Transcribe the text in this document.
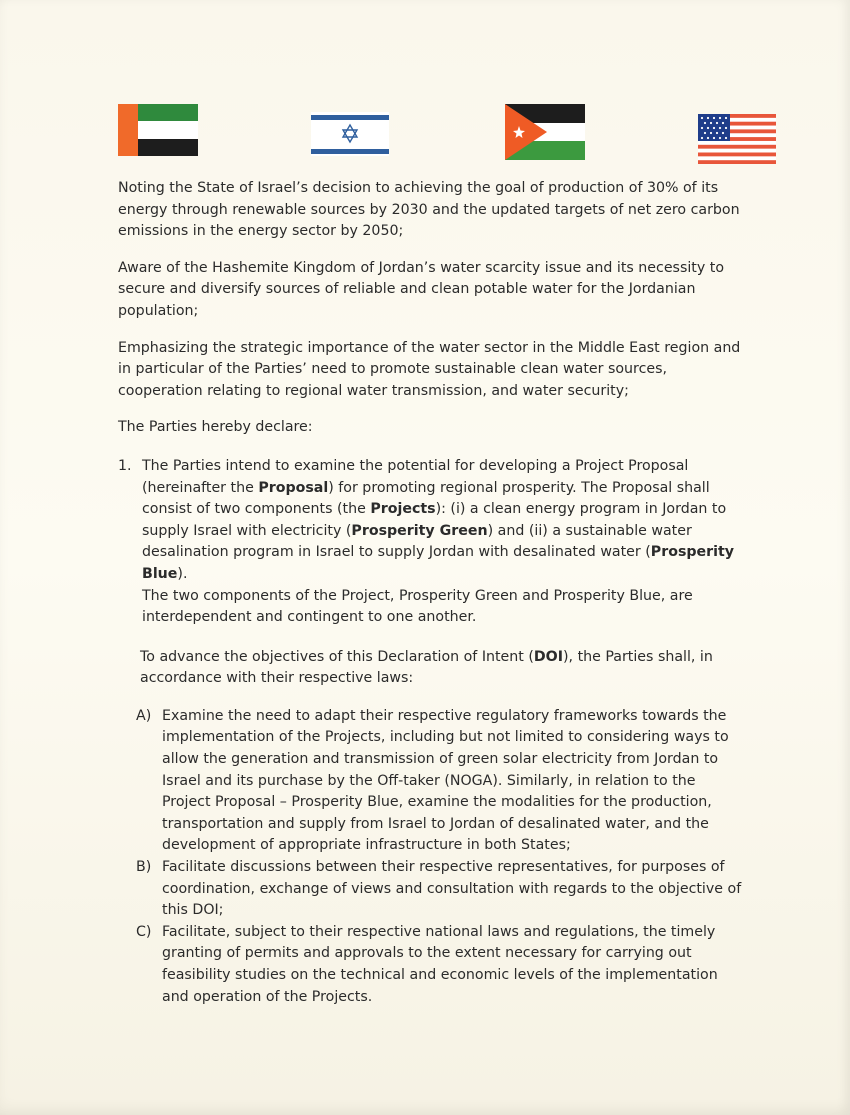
Noting the State of Israel’s decision to achieving the goal of production of 30% of its energy through renewable sources by 2030 and the updated targets of net zero carbon emissions in the energy sector by 2050;

Aware of the Hashemite Kingdom of Jordan’s water scarcity issue and its necessity to secure and diversify sources of reliable and clean potable water for the Jordanian population;

Emphasizing the strategic importance of the water sector in the Middle East region and in particular of the Parties’ need to promote sustainable clean water sources, cooperation relating to regional water transmission, and water security;

The Parties hereby declare:

1. The Parties intend to examine the potential for developing a Project Proposal (hereinafter the Proposal) for promoting regional prosperity. The Proposal shall consist of two components (the Projects): (i) a clean energy program in Jordan to supply Israel with electricity (Prosperity Green) and (ii) a sustainable water desalination program in Israel to supply Jordan with desalinated water (Prosperity Blue).

The two components of the Project, Prosperity Green and Prosperity Blue, are interdependent and contingent to one another.

To advance the objectives of this Declaration of Intent (DOI), the Parties shall, in accordance with their respective laws:

A) Examine the need to adapt their respective regulatory frameworks towards the implementation of the Projects, including but not limited to considering ways to allow the generation and transmission of green solar electricity from Jordan to Israel and its purchase by the Off-taker (NOGA). Similarly, in relation to the Project Proposal – Prosperity Blue, examine the modalities for the production, transportation and supply from Israel to Jordan of desalinated water, and the development of appropriate infrastructure in both States;
B) Facilitate discussions between their respective representatives, for purposes of coordination, exchange of views and consultation with regards to the objective of this DOI;
C) Facilitate, subject to their respective national laws and regulations, the timely granting of permits and approvals to the extent necessary for carrying out feasibility studies on the technical and economic levels of the implementation and operation of the Projects.
